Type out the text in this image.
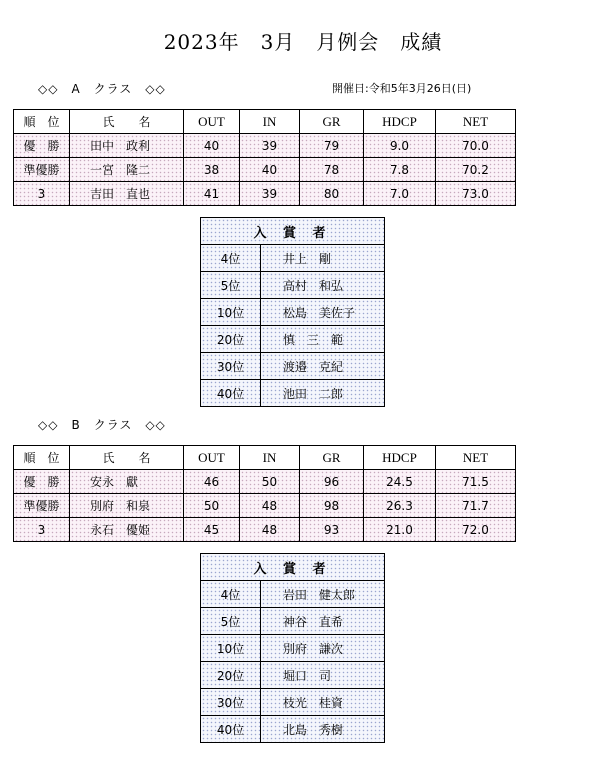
2023年　3月　月例会　成績
◇◇　A　クラス　◇◇	開催日:令和5年3月26日(日)
順　位	氏　　名	OUT	IN	GR	HDCP	NET
優　勝	田中　政利	40	39	79	9.0	70.0
準優勝	一宮　隆二	38	40	78	7.8	70.2
3	吉田　直也	41	39	80	7.0	73.0
入 賞 者	
4位	井上　剛
5位	高村　和弘
10位	松島　美佐子
20位	慎　三　範
30位	渡邉　克紀
40位	池田　二郎
◇◇　B　クラス　◇◇
順　位	氏　　名	OUT	IN	GR	HDCP	NET
優　勝	安永　獻	46	50	96	24.5	71.5
準優勝	別府　和泉	50	48	98	26.3	71.7
3	永石　優姫	45	48	93	21.0	72.0
入 賞 者	
4位	岩田　健太郎
5位	神谷　直希
10位	別府　謙次
20位	堀口　司
30位	枝光　桂資
40位	北島　秀樹
